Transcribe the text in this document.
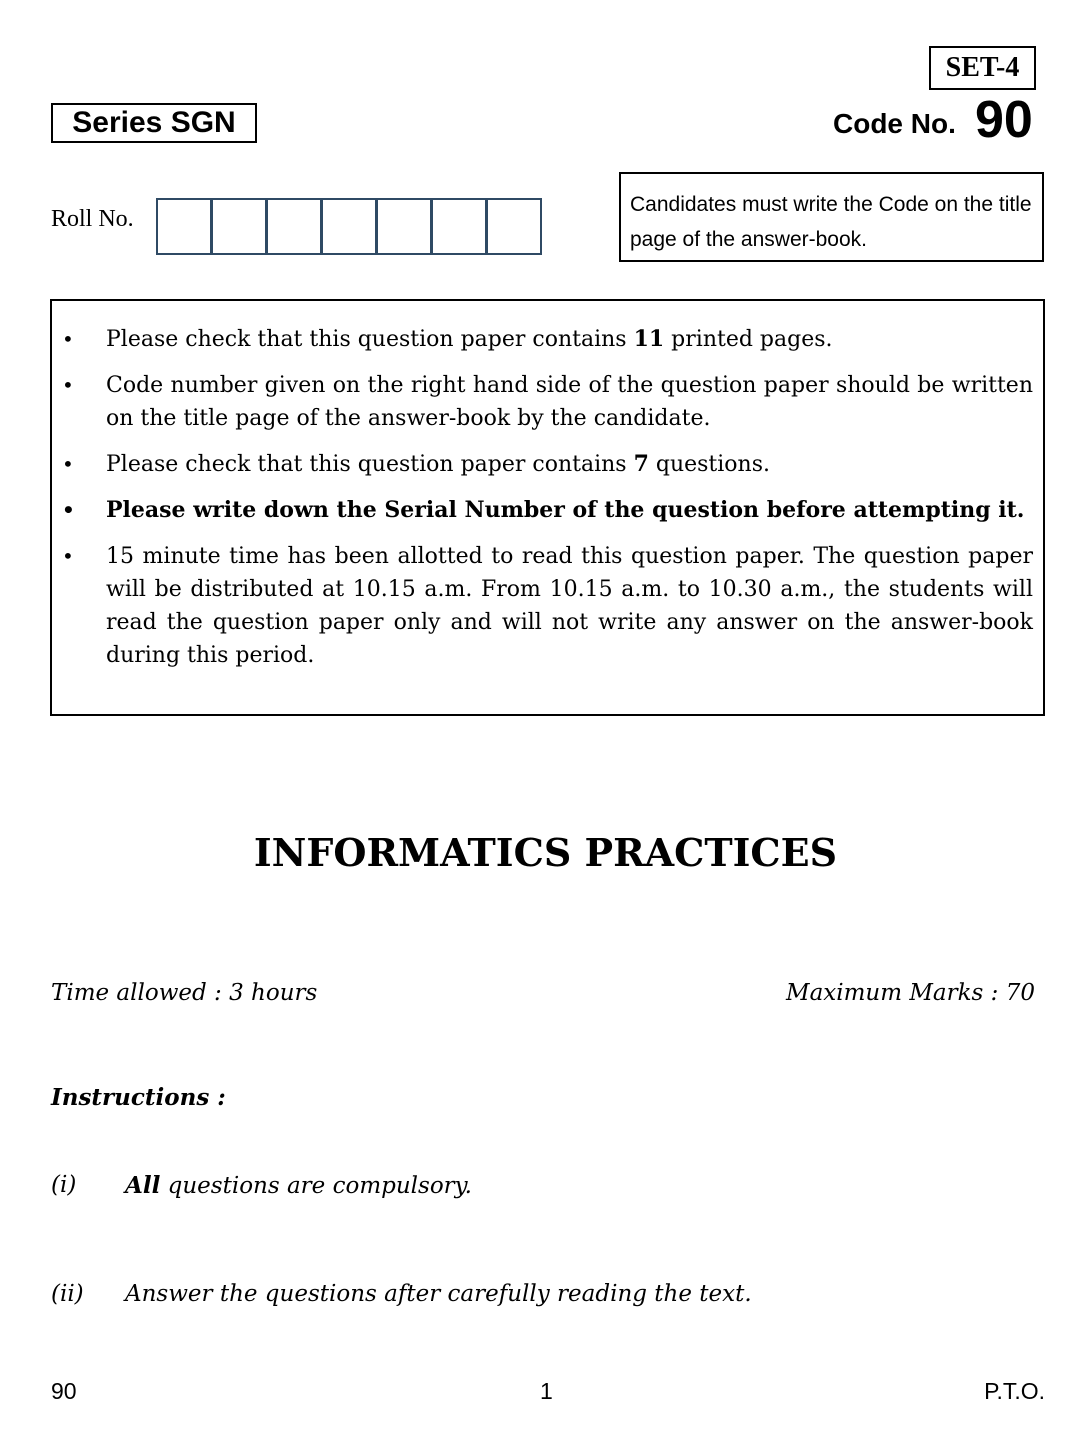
SET-4
Series SGN	Code No. 90
Roll No.
Candidates must write the Code on the title page of the answer-book.
• Please check that this question paper contains 11 printed pages.
• Code number given on the right hand side of the question paper should be written on the title page of the answer-book by the candidate.
• Please check that this question paper contains 7 questions.
• Please write down the Serial Number of the question before attempting it.
• 15 minute time has been allotted to read this question paper. The question paper will be distributed at 10.15 a.m. From 10.15 a.m. to 10.30 a.m., the students will read the question paper only and will not write any answer on the answer-book during this period.
INFORMATICS PRACTICES
Time allowed : 3 hours	Maximum Marks : 70
Instructions :
(i) All questions are compulsory.
(ii) Answer the questions after carefully reading the text.
90	1	P.T.O.
